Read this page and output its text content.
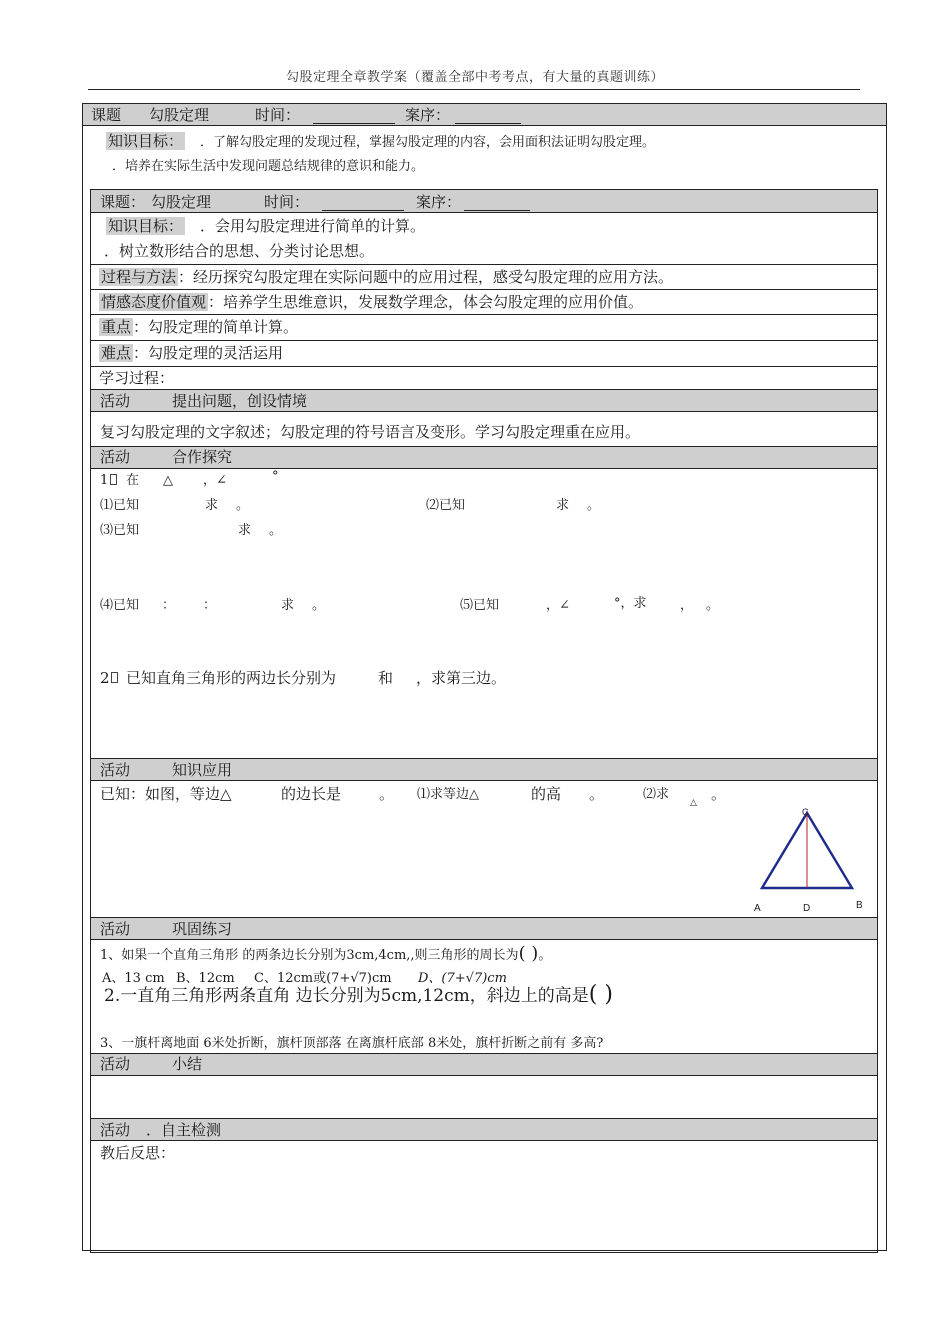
勾股定理全章教学案（覆盖全部中考考点，有大量的真题训练）
课题 勾股定理	时间：	案序：
知识目标： ．了解勾股定理的发现过程，掌握勾股定理的内容，会用面积法证明勾股定理。
．培养在实际生活中发现问题总结规律的意识和能力。
课题： 勾股定理	时间：	案序：
知识目标： ．会用勾股定理进行简单的计算。
．树立数形结合的思想、分类讨论思想。
过程与方法 ：经历探究勾股定理在实际问题中的应用过程，感受勾股定理的应用方法。
情感态度价值观 ：培养学生思维意识，发展数学理念，体会勾股定理的应用价值。
重点 ：勾股定理的简单计算。
难点 ：勾股定理的灵活运用
学习过程：
活动	提出问题，创设情境
复习勾股定理的文字叙述；勾股定理的符号语言及变形。学习勾股定理重在应用。
活动	合作探究
1 在 △ ，∠	°
⑴已知	求 。	⑵已知	求 。
⑶已知	求 。
⑷已知 ： ：	求 。	⑸已知	，∠	°，求	， 。
2 已知直角三角形的两边长分别为	和 ，求第三边。
活动	知识应用
已知：如图，等边△	的边长是	。 ⑴求等边△	的高 。	⑵求
△ 。
C
A	D	B
活动	巩固练习
1、如果一个直角三角形 的两条边长分别为3cm,4cm,,则三角形的周长为( )。
A、13 cm B、12cm C、12cm或(7+√7)cm D、(7+√7)cm
2.一直角三角形两条直角 边长分别为5cm,12cm，斜边上的高是( )
3、一旗杆离地面 6米处折断，旗杆顶部落 在离旗杆底部 8米处，旗杆折断之前有 多高?
活动	小结
活动 ．自主检测
教后反思：
